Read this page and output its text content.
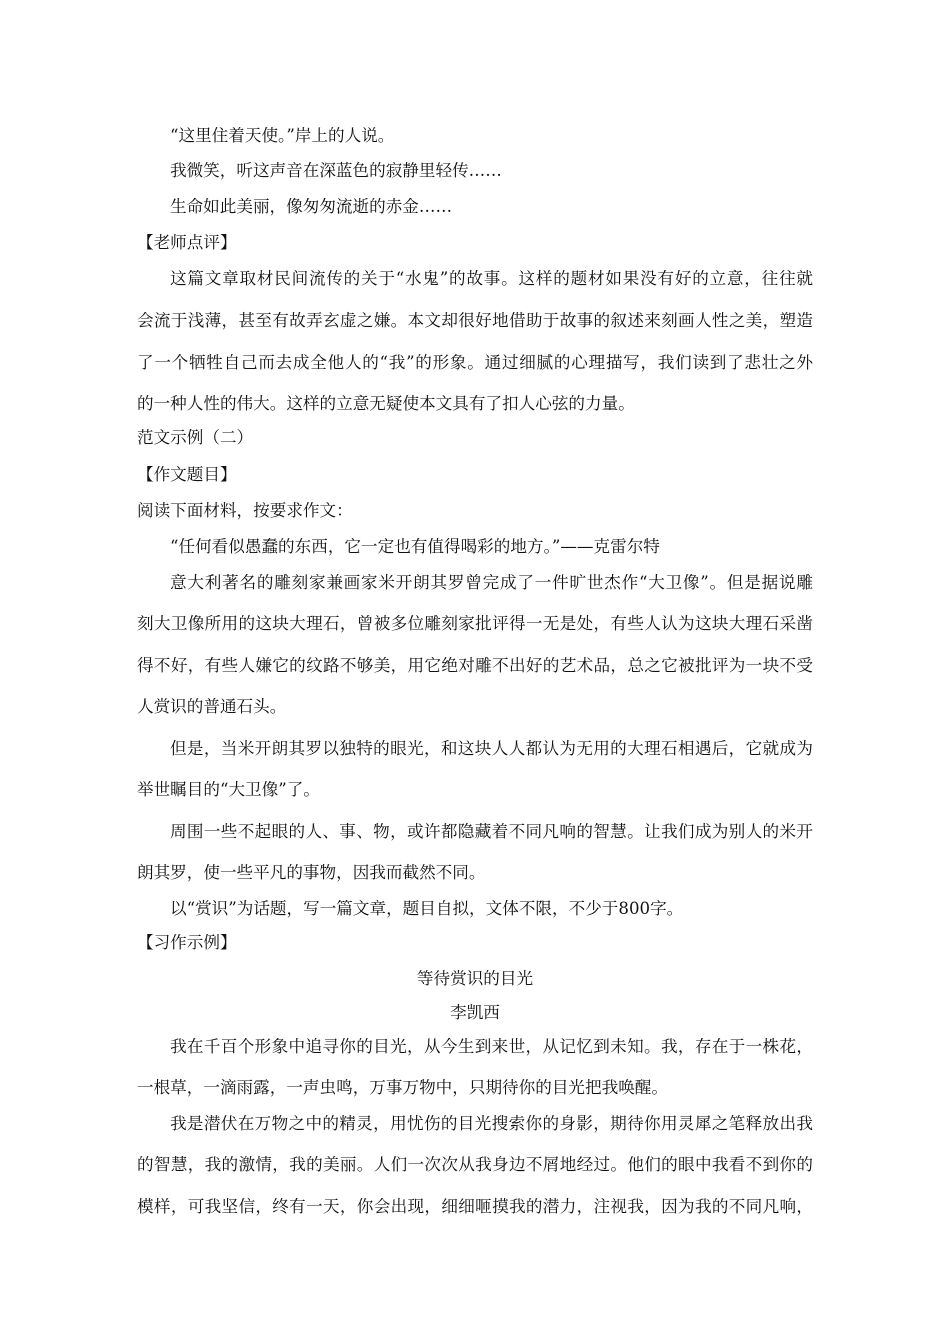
“这里住着天使。”岸上的人说。
我微笑，听这声音在深蓝色的寂静里轻传……
生命如此美丽，像匆匆流逝的赤金……
【老师点评】
这篇文章取材民间流传的关于“水鬼”的故事。这样的题材如果没有好的立意，往往就
会流于浅薄，甚至有故弄玄虚之嫌。本文却很好地借助于故事的叙述来刻画人性之美，塑造
了一个牺牲自己而去成全他人的“我”的形象。通过细腻的心理描写，我们读到了悲壮之外
的一种人性的伟大。这样的立意无疑使本文具有了扣人心弦的力量。
范文示例（二）
【作文题目】
阅读下面材料，按要求作文：
“任何看似愚蠢的东西，它一定也有值得喝彩的地方。”——克雷尔特
意大利著名的雕刻家兼画家米开朗其罗曾完成了一件旷世杰作“大卫像”。但是据说雕
刻大卫像所用的这块大理石，曾被多位雕刻家批评得一无是处，有些人认为这块大理石采凿
得不好，有些人嫌它的纹路不够美，用它绝对雕不出好的艺术品，总之它被批评为一块不受
人赏识的普通石头。
但是，当米开朗其罗以独特的眼光，和这块人人都认为无用的大理石相遇后，它就成为
举世瞩目的“大卫像”了。
周围一些不起眼的人、事、物，或许都隐藏着不同凡响的智慧。让我们成为别人的米开
朗其罗，使一些平凡的事物，因我而截然不同。
以“赏识”为话题，写一篇文章，题目自拟，文体不限，不少于800字。
【习作示例】
等待赏识的目光
李凯西
我在千百个形象中追寻你的目光，从今生到来世，从记忆到未知。我，存在于一株花，
一根草，一滴雨露，一声虫鸣，万事万物中，只期待你的目光把我唤醒。
我是潜伏在万物之中的精灵，用忧伤的目光搜索你的身影，期待你用灵犀之笔释放出我
的智慧，我的激情，我的美丽。人们一次次从我身边不屑地经过。他们的眼中我看不到你的
模样，可我坚信，终有一天，你会出现，细细咂摸我的潜力，注视我，因为我的不同凡响，
